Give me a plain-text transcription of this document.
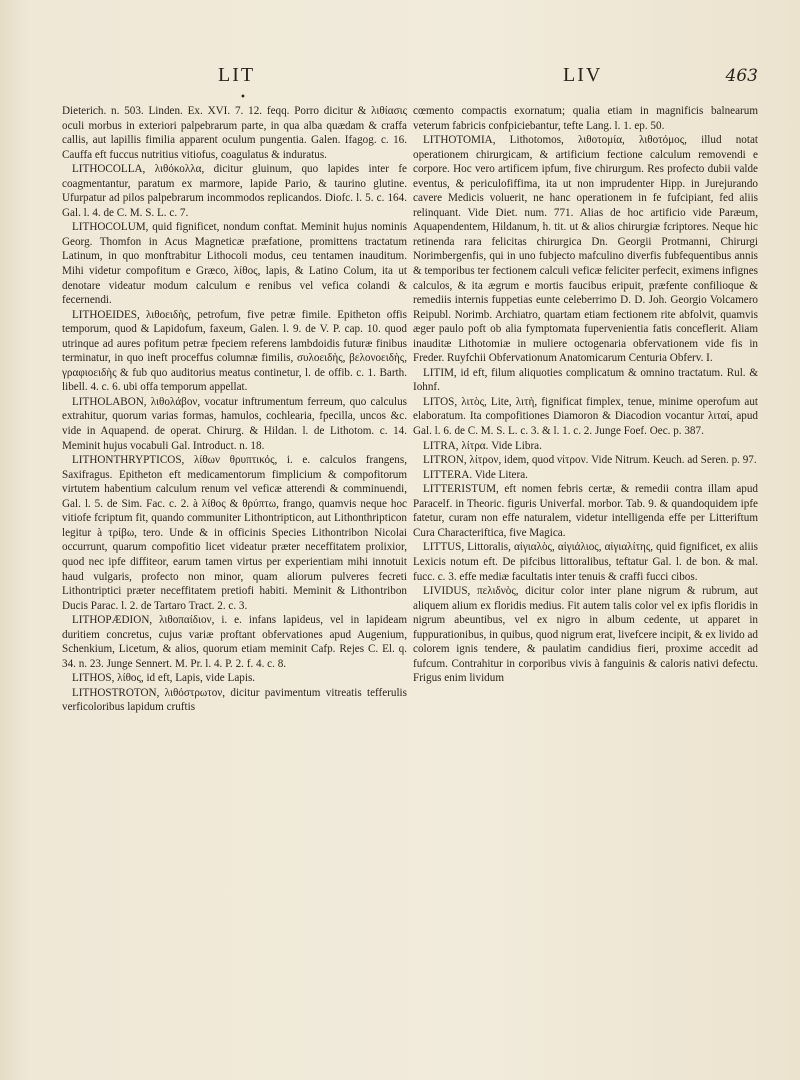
LIT	LIV	463
•

Dieterich. n. 503. Linden. Ex. XVI. 7. 12. feqq. Porro dicitur & λιθίασις oculi morbus in exteriori palpebrarum parte, in qua alba quædam & craffa callis, aut lapillis fimilia apparent oculum pungentia. Galen. Ifagog. c. 16. Cauffa eft fuccus nutritius vitiofus, coagulatus & induratus.

LITHOCOLLA, λιθόκολλα, dicitur gluinum, quo lapides inter fe coagmentantur, paratum ex marmore, lapide Pario, & taurino glutine. Ufurpatur ad pilos palpebrarum incommodos replicandos. Diofc. l. 5. c. 164. Gal. l. 4. de C. M. S. L. c. 7.

LITHOCOLUM, quid fignificet, nondum conftat. Meminit hujus nominis Georg. Thomfon in Acus Magneticæ præfatione, promittens tractatum Latinum, in quo monftrabitur Lithocoli modus, ceu tentamen inauditum. Mihi videtur compofitum e Græco, λίθος, lapis, & Latino Colum, ita ut denotare videatur modum calculum e renibus vel vefica colandi & fecernendi.

LITHOEIDES, λιθοειδὴς, petrofum, five petræ fimile. Epitheton offis temporum, quod & Lapidofum, faxeum, Galen. l. 9. de V. P. cap. 10. quod utrinque ad aures pofitum petræ fpeciem referens lambdoidis futuræ finibus terminatur, in quo ineft proceffus columnæ fimilis, συλοειδὴς, βελονοειδὴς, γραφιοειδὴς & fub quo auditorius meatus continetur, l. de offib. c. 1. Barth. libell. 4. c. 6. ubi offa temporum appellat.

LITHOLABON, λιθολάβον, vocatur inftrumentum ferreum, quo calculus extrahitur, quorum varias formas, hamulos, cochlearia, fpecilla, uncos &c. vide in Aquapend. de operat. Chirurg. & Hildan. l. de Lithotom. c. 14. Meminit hujus vocabuli Gal. Introduct. n. 18.

LITHONTHRYPTICOS, λίθων θρυπτικός, i. e. calculos frangens, Saxifragus. Epitheton eft medicamentorum fimplicium & compofitorum virtutem habentium calculum renum vel veficæ atterendi & comminuendi, Gal. l. 5. de Sim. Fac. c. 2. à λίθος & θρύπτω, frango, quamvis neque hoc vitiofe fcriptum fit, quando communiter Lithontripticon, aut Lithonthripticon legitur à τρίβω, tero. Unde & in officinis Species Lithontribon Nicolai occurrunt, quarum compofitio licet videatur præter neceffitatem prolixior, quod nec ipfe diffiteor, earum tamen virtus per experientiam mihi innotuit haud vulgaris, profecto non minor, quam aliorum pulveres fecreti Lithontriptici præter neceffitatem pretiofi habiti. Meminit & Lithontribon Ducis Parac. l. 2. de Tartaro Tract. 2. c. 3.

LITHOPÆDION, λιθοπαίδιον, i. e. infans lapideus, vel in lapideam duritiem concretus, cujus variæ proftant obfervationes apud Augenium, Schenkium, Licetum, & alios, quorum etiam meminit Cafp. Rejes C. El. q. 34. n. 23. Junge Sennert. M. Pr. l. 4. P. 2. f. 4. c. 8.

LITHOS, λίθος, id eft, Lapis, vide Lapis.

LITHOSTROTON, λιθόστρωτον, dicitur pavimentum vitreatis tefferulis verficoloribus lapidum cruftis

cœmento compactis exornatum; qualia etiam in magnificis balnearum veterum fabricis confpiciebantur, tefte Lang. l. 1. ep. 50.

LITHOTOMIA, Lithotomos, λιθοτομία, λιθοτόμος, illud notat operationem chirurgicam, & artificium fectione calculum removendi e corpore. Hoc vero artificem ipfum, five chirurgum. Res profecto dubii valde eventus, & periculofiffima, ita ut non imprudenter Hipp. in Jurejurando cavere Medicis voluerit, ne hanc operationem in fe fufcipiant, fed aliis relinquant. Vide Diet. num. 771. Alias de hoc artificio vide Paræum, Aquapendentem, Hildanum, h. tit. ut & alios chirurgiæ fcriptores. Neque hic retinenda rara felicitas chirurgica Dn. Georgii Protmanni, Chirurgi Norimbergenfis, qui in uno fubjecto mafculino diverfis fubfequentibus annis & temporibus ter fectionem calculi veficæ feliciter perfecit, eximens infignes calculos, & ita ægrum e mortis faucibus eripuit, præfente confilioque & remediis internis fuppetias eunte celeberrimo D. D. Joh. Georgio Volcamero Reipubl. Norimb. Archiatro, quartam etiam fectionem rite abfolvit, quamvis æger paulo poft ob alia fymptomata fupervenientia fatis conceflerit. Aliam inauditæ Lithotomiæ in muliere octogenaria obfervationem vide fis in Freder. Ruyfchii Obfervationum Anatomicarum Centuria Obferv. I.

LITIM, id eft, filum aliquoties complicatum & omnino tractatum. Rul. & Iohnf.

LITOS, λιτὸς, Lite, λιτὴ, fignificat fimplex, tenue, minime operofum aut elaboratum. Ita compofitiones Diamoron & Diacodion vocantur λιταί, apud Gal. l. 6. de C. M. S. L. c. 3. & l. 1. c. 2. Junge Foef. Oec. p. 387.

LITRA, λίτρα. Vide Libra.

LITRON, λίτρον, idem, quod νίτρον. Vide Nitrum. Keuch. ad Seren. p. 97.

LITTERA. Vide Litera.

LITTERISTUM, eft nomen febris certæ, & remedii contra illam apud Paracelf. in Theoric. figuris Univerfal. morbor. Tab. 9. & quandoquidem ipfe fatetur, curam non effe naturalem, videtur intelligenda effe per Litteriftum Cura Characteriftica, five Magica.

LITTUS, Littoralis, αἰγιαλὸς, αἰγιάλιος, αἰγιαλίτης, quid fignificet, ex aliis Lexicis notum eft. De pifcibus littoralibus, teftatur Gal. l. de bon. & mal. fucc. c. 3. effe mediæ facultatis inter tenuis & craffi fucci cibos.

LIVIDUS, πελιδνὸς, dicitur color inter plane nigrum & rubrum, aut aliquem alium ex floridis medius. Fit autem talis color vel ex ipfis floridis in nigrum abeuntibus, vel ex nigro in album cedente, ut apparet in fuppurationibus, in quibus, quod nigrum erat, livefcere incipit, & ex livido ad colorem ignis tendere, & paulatim candidius fieri, proxime accedit ad fufcum. Contrahitur in corporibus vivis à fanguinis & caloris nativi defectu. Frigus enim lividum
